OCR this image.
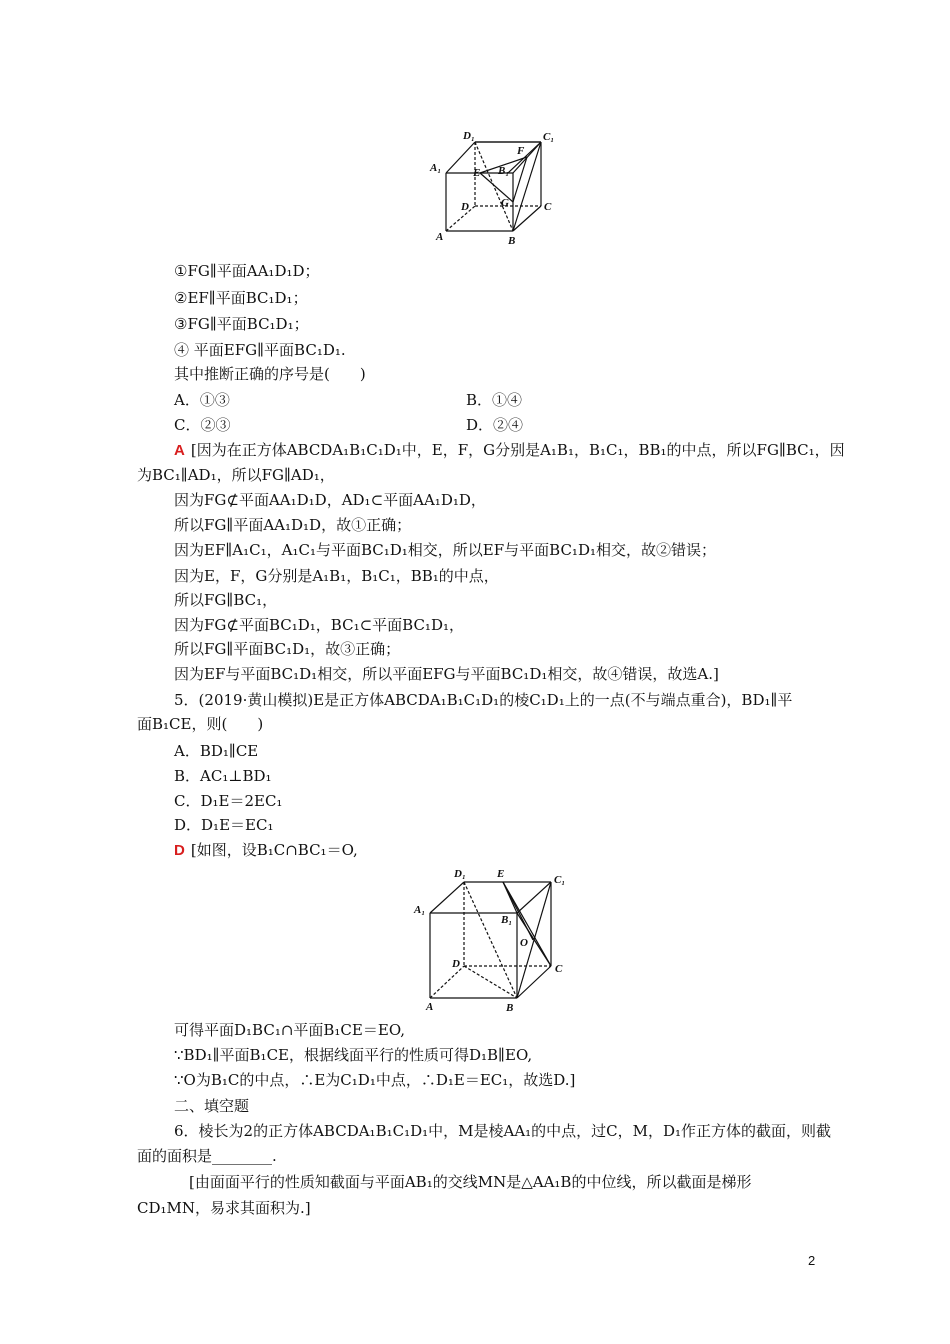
D₁	C₁
A₁
F
E B₁
D	G	C
A	B
①FG∥平面AA₁D₁D；
②EF∥平面BC₁D₁；
③FG∥平面BC₁D₁；
④ 平面EFG∥平面BC₁D₁.
其中推断正确的序号是(　　)
A．①③	B．①④
C．②③	D．②④
A [因为在正方体ABCDA₁B₁C₁D₁中，E，F，G分别是A₁B₁，B₁C₁，BB₁的中点，所以FG∥BC₁，因
为BC₁∥AD₁，所以FG∥AD₁，
因为FG⊄平面AA₁D₁D，AD₁⊂平面AA₁D₁D，
所以FG∥平面AA₁D₁D，故①正确；
因为EF∥A₁C₁，A₁C₁与平面BC₁D₁相交，所以EF与平面BC₁D₁相交，故②错误；
因为E，F，G分别是A₁B₁，B₁C₁，BB₁的中点，
所以FG∥BC₁，
因为FG⊄平面BC₁D₁，BC₁⊂平面BC₁D₁，
所以FG∥平面BC₁D₁，故③正确；
因为EF与平面BC₁D₁相交，所以平面EFG与平面BC₁D₁相交，故④错误，故选A.]
5．(2019·黄山模拟)E是正方体ABCDA₁B₁C₁D₁的棱C₁D₁上的一点(不与端点重合)，BD₁∥平
面B₁CE，则(　　)
A．BD₁∥CE
B．AC₁⊥BD₁
C．D₁E＝2EC₁
D．D₁E＝EC₁
D [如图，设B₁C∩BC₁＝O,
D₁	E	C₁
A₁
B₁
O
D	C
A	B
可得平面D₁BC₁∩平面B₁CE＝EO,
∵BD₁∥平面B₁CE，根据线面平行的性质可得D₁B∥EO,
∵O为B₁C的中点，∴E为C₁D₁中点，∴D₁E＝EC₁，故选D.]
二、填空题
6．棱长为2的正方体ABCDA₁B₁C₁D₁中，M是棱AA₁的中点，过C，M，D₁作正方体的截面，则截
面的面积是________.
[由面面平行的性质知截面与平面AB₁的交线MN是△AA₁B的中位线，所以截面是梯形
CD₁MN，易求其面积为.]
2
